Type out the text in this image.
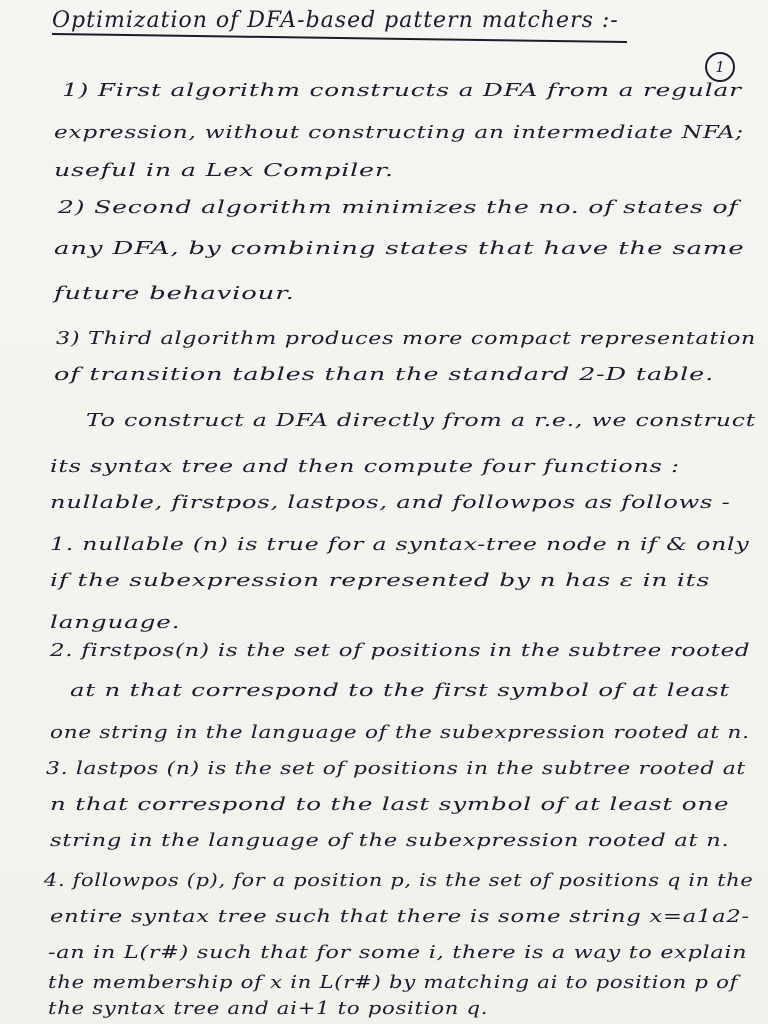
Optimization of DFA-based pattern matchers :-
1
1) First algorithm constructs a DFA from a regular
expression, without constructing an intermediate NFA;
useful in a Lex Compiler.
2) Second algorithm minimizes the no. of states of
any DFA, by combining states that have the same
future behaviour.
3) Third algorithm produces more compact representation
of transition tables than the standard 2-D table.
To construct a DFA directly from a r.e., we construct
its syntax tree and then compute four functions :
nullable, firstpos, lastpos, and followpos as follows -
1. nullable (n) is true for a syntax-tree node n if & only
if the subexpression represented by n has ε in its
language.
2. firstpos(n) is the set of positions in the subtree rooted
at n that correspond to the first symbol of at least
one string in the language of the subexpression rooted at n.
3. lastpos (n) is the set of positions in the subtree rooted at
n that correspond to the last symbol of at least one
string in the language of the subexpression rooted at n.
4. followpos (p), for a position p, is the set of positions q in the
entire syntax tree such that there is some string x=a1a2-
-an in L(r#) such that for some i, there is a way to explain
the membership of x in L(r#) by matching ai to position p of
the syntax tree and ai+1 to position q.
